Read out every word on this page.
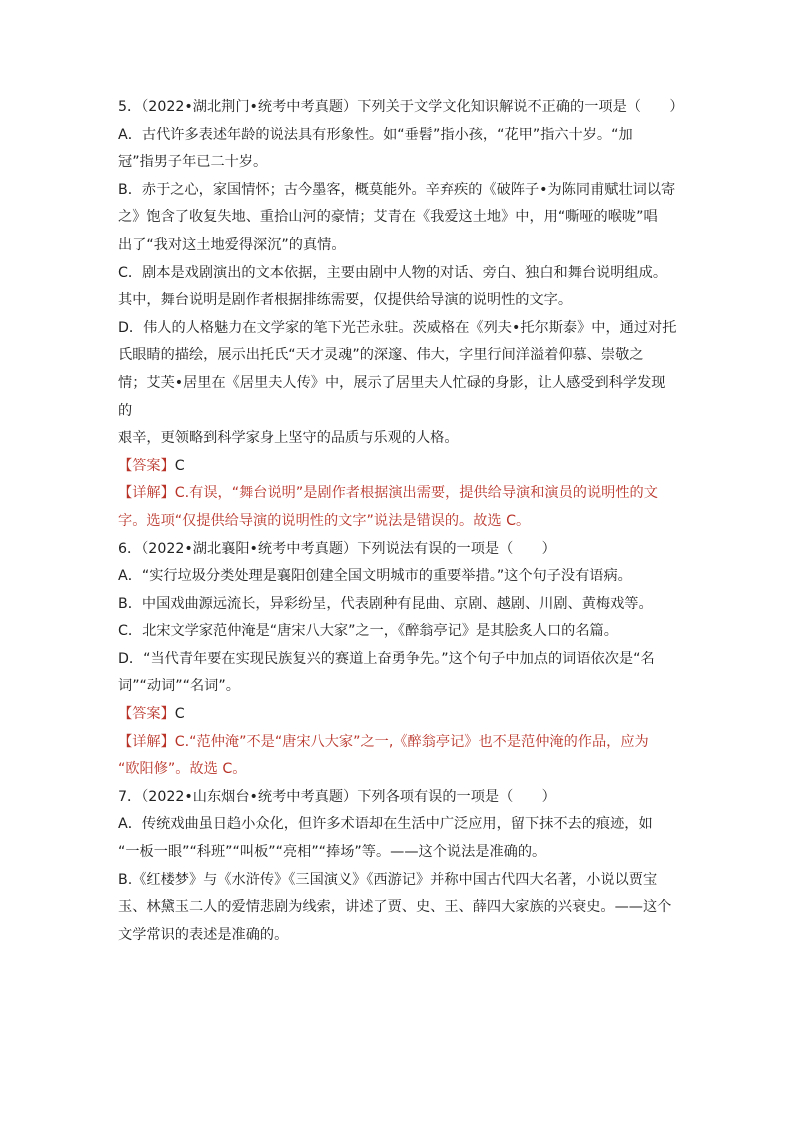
5．（2022•湖北荆门•统考中考真题）下列关于文学文化知识解说不正确的一项是（　　）

A．古代许多表述年龄的说法具有形象性。如“垂髫”指小孩，“花甲”指六十岁。“加

冠”指男子年已二十岁。

B．赤于之心，家国情怀；古今墨客，概莫能外。辛弃疾的《破阵子•为陈同甫赋壮词以寄

之》饱含了收复失地、重拾山河的豪情；艾青在《我爱这土地》中，用“嘶哑的喉咙”唱

出了“我对这土地爱得深沉”的真情。

C．剧本是戏剧演出的文本依据，主要由剧中人物的对话、旁白、独白和舞台说明组成。

其中，舞台说明是剧作者根据排练需要，仅提供给导演的说明性的文字。

D．伟人的人格魅力在文学家的笔下光芒永驻。茨威格在《列夫•托尔斯泰》中，通过对托

氏眼睛的描绘，展示出托氏“天才灵魂”的深邃、伟大，字里行间洋溢着仰慕、崇敬之

情；艾芙•居里在《居里夫人传》中，展示了居里夫人忙碌的身影，让人感受到科学发现的

艰辛，更领略到科学家身上坚守的品质与乐观的人格。

【答案】C

【详解】C.有误，“舞台说明”是剧作者根据演出需要，提供给导演和演员的说明性的文

字。选项“仅提供给导演的说明性的文字”说法是错误的。故选 C。

6．（2022•湖北襄阳•统考中考真题）下列说法有误的一项是（　　）

A．“实行垃圾分类处理是襄阳创建全国文明城市的重要举措。”这个句子没有语病。

B．中国戏曲源远流长，异彩纷呈，代表剧种有昆曲、京剧、越剧、川剧、黄梅戏等。

C．北宋文学家范仲淹是“唐宋八大家”之一，《醉翁亭记》是其脍炙人口的名篇。

D．“当代青年要在实现民族复兴的赛道上奋勇争先。”这个句子中加点的词语依次是“名

词”“动词”“名词”。

【答案】C

【详解】C.“范仲淹”不是“唐宋八大家”之一,《醉翁亭记》也不是范仲淹的作品，应为

“欧阳修”。故选 C。

7．（2022•山东烟台•统考中考真题）下列各项有误的一项是（　　）

A．传统戏曲虽日趋小众化，但许多术语却在生活中广泛应用，留下抹不去的痕迹，如

“一板一眼”“科班”“叫板”“亮相”“捧场”等。——这个说法是准确的。

B.《红楼梦》与《水浒传》《三国演义》《西游记》并称中国古代四大名著，小说以贾宝

玉、林黛玉二人的爱情悲剧为线索，讲述了贾、史、王、薛四大家族的兴衰史。——这个

文学常识的表述是准确的。
